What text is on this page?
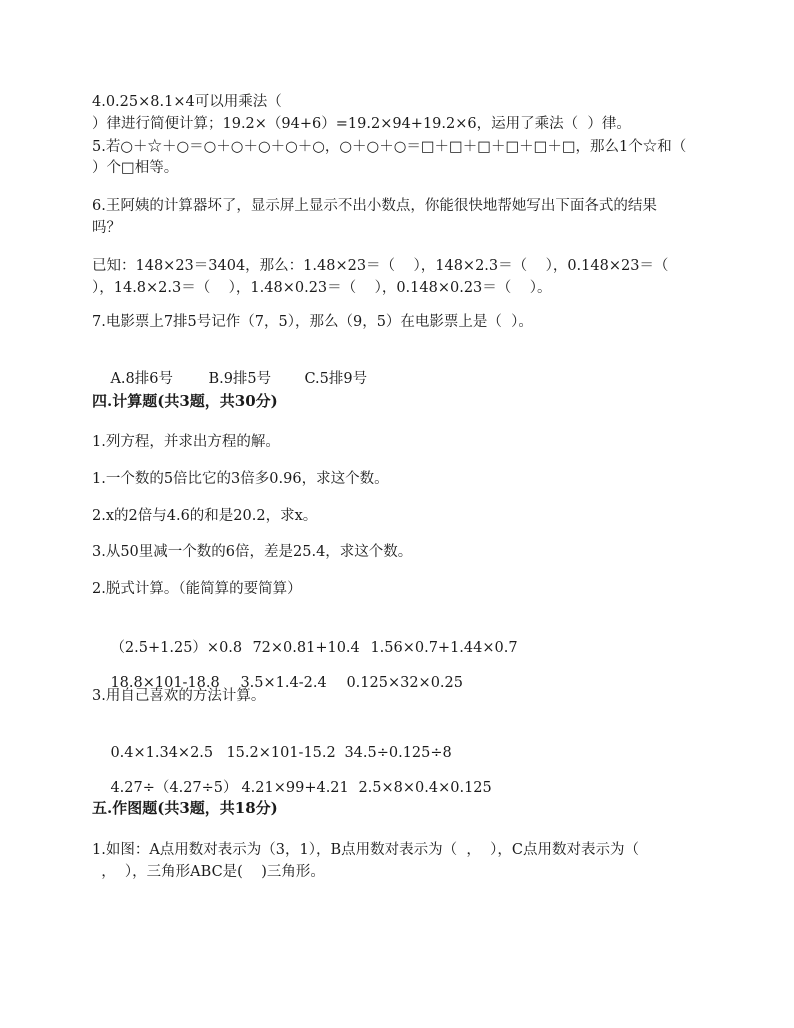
4.0.25×8.1×4可以用乘法（
）律进行简便计算；19.2×（94+6）=19.2×94+19.2×6，运用了乘法（  ）律。
5.若○＋☆＋○＝○＋○＋○＋○＋○，○＋○＋○＝□＋□＋□＋□＋□＋□，那么1个☆和（
）个□相等。
6.王阿姨的计算器坏了，显示屏上显示不出小数点，你能很快地帮她写出下面各式的结果
吗？
已知：148×23＝3404，那么：1.48×23＝（    ），148×2.3＝（    ），0.148×23＝（
），14.8×2.3＝（    ），1.48×0.23＝（    ），0.148×0.23＝（    ）。
7.电影票上7排5号记作（7，5），那么（9，5）在电影票上是（  ）。

A.8排6号 B.9排5号 C.5排9号

四.计算题(共3题，共30分)
1.列方程，并求出方程的解。
1.一个数的5倍比它的3倍多0.96，求这个数。
2.x的2倍与4.6的和是20.2，求x。
3.从50里减一个数的6倍，差是25.4，求这个数。
2.脱式计算。（能简算的要简算）

（2.5+1.25）×0.8 72×0.81+10.4 1.56×0.7+1.44×0.7

18.8×101-18.8 3.5×1.4-2.4 0.125×32×0.25

3.用自己喜欢的方法计算。

0.4×1.34×2.5 15.2×101-15.2 34.5÷0.125÷8

4.27÷（4.27÷5） 4.21×99+4.21 2.5×8×0.4×0.125

五.作图题(共3题，共18分)
1.如图：A点用数对表示为（3，1），B点用数对表示为（  ，  ），C点用数对表示为（
，  ），三角形ABC是(    )三角形。
